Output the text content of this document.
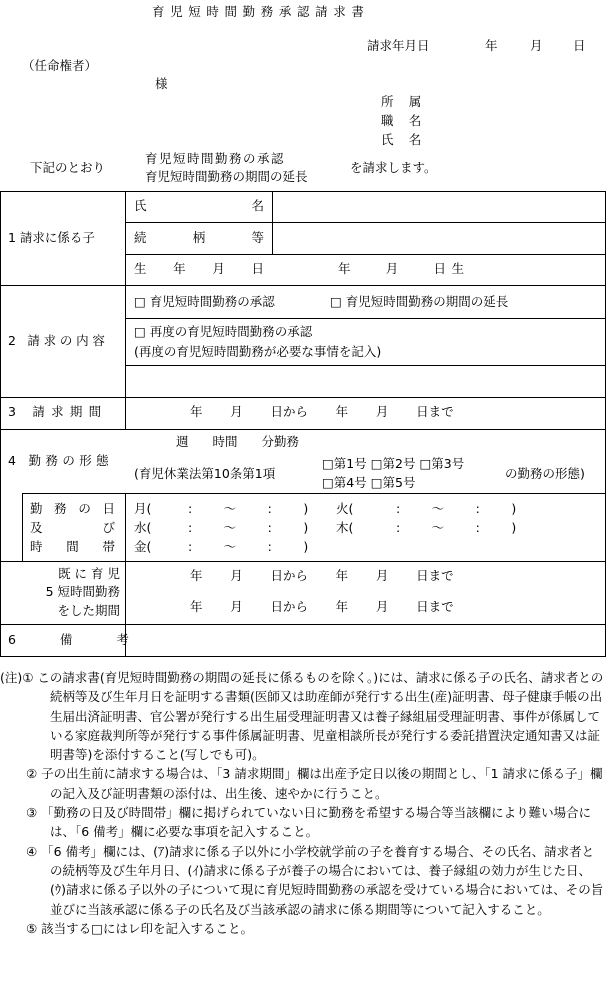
育児短時間勤務承認請求書
請求年月日	年	月 日
（任命権者）
様
所 属
職 名
氏 名
下記のとおり
育児短時間勤務の承認
育児短時間勤務の期間の延長
を請求します。
1 請求に係る子
氏 名
続 柄 等
生 年 月 日	年 月 日生
2 請求の内容
□ 育児短時間勤務の承認	□ 育児短時間勤務の期間の延長
□ 再度の育児短時間勤務の承認
(再度の育児短時間勤務が必要な事情を記入)
3 請求期間	年 月 日から 年 月 日まで
4 勤務の形態
週 時間 分勤務
(育児休業法第10条第1項
□第1号 □第2号 □第3号
□第4号 □第5号
の勤務の形態)
勤 務 の 日
及 び
時 間 帯
月(	: ～ : ) 火(	: ～ : )
水(	: ～ : ) 木(	: ～ : )
金(	: ～ : )
既 に 育 児
5 短時間勤務
をした期間
年 月 日から 年 月 日まで
年 月 日から 年 月 日まで
6 備 考

(注)① この請求書(育児短時間勤務の期間の延長に係るものを除く。)には、請求に係る子の氏名、請求者との続柄等及び生年月日を証明する書類(医師又は助産師が発行する出生(産)証明書、母子健康手帳の出生届出済証明書、官公署が発行する出生届受理証明書又は養子縁組届受理証明書、事件が係属している家庭裁判所等が発行する事件係属証明書、児童相談所長が発行する委託措置決定通知書又は証明書等)を添付すること(写しでも可)。

② 子の出生前に請求する場合は、「3 請求期間」欄は出産予定日以後の期間とし、「1 請求に係る子」欄の記入及び証明書類の添付は、出生後、速やかに行うこと。

③ 「勤務の日及び時間帯」欄に掲げられていない日に勤務を希望する場合等当該欄により難い場合には、「6 備考」欄に必要な事項を記入すること。

④ 「6 備考」欄には、(ｱ)請求に係る子以外に小学校就学前の子を養育する場合、その氏名、請求者との続柄等及び生年月日、(ｲ)請求に係る子が養子の場合においては、養子縁組の効力が生じた日、(ｳ)請求に係る子以外の子について現に育児短時間勤務の承認を受けている場合においては、その旨並びに当該承認に係る子の氏名及び当該承認の請求に係る期間等について記入すること。

⑤ 該当する□にはレ印を記入すること。
